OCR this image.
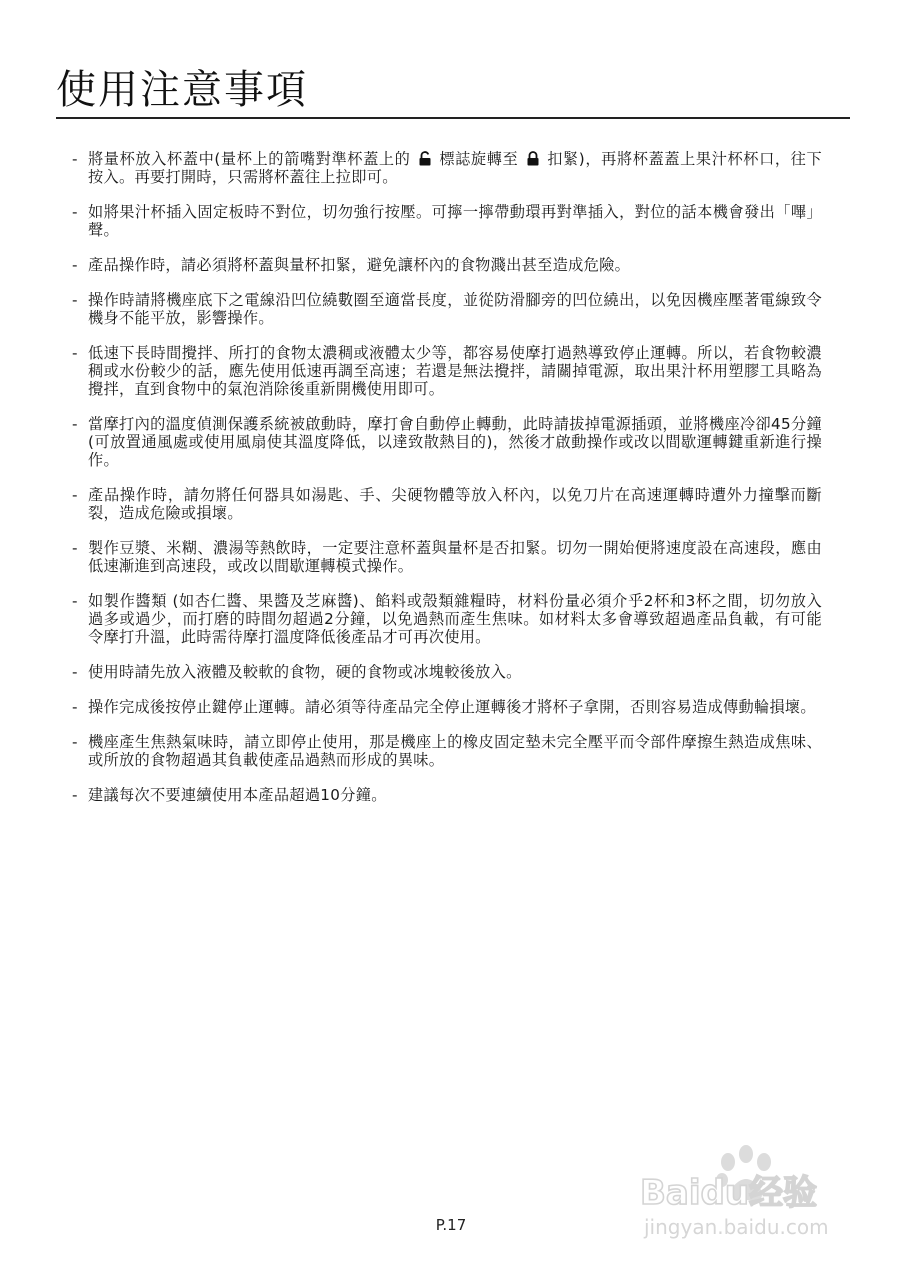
使用注意事項
- 將量杯放入杯蓋中(量杯上的箭嘴對準杯蓋上的 標誌旋轉至 扣緊)，再將杯蓋蓋上果汁杯杯口，往下按入。再要打開時，只需將杯蓋往上拉即可。
- 如將果汁杯插入固定板時不對位，切勿強行按壓。可擰一擰帶動環再對準插入，對位的話本機會發出「嗶」聲。
- 產品操作時，請必須將杯蓋與量杯扣緊，避免讓杯內的食物濺出甚至造成危險。
- 操作時請將機座底下之電線沿凹位繞數圈至適當長度，並從防滑腳旁的凹位繞出，以免因機座壓著電線致令機身不能平放，影響操作。
- 低速下長時間攪拌、所打的食物太濃稠或液體太少等，都容易使摩打過熱導致停止運轉。所以，若食物較濃稠或水份較少的話，應先使用低速再調至高速；若還是無法攪拌，請關掉電源，取出果汁杯用塑膠工具略為攪拌，直到食物中的氣泡消除後重新開機使用即可。
- 當摩打內的溫度偵測保護系統被啟動時，摩打會自動停止轉動，此時請拔掉電源插頭，並將機座冷卻45分鐘(可放置通風處或使用風扇使其溫度降低，以達致散熱目的)，然後才啟動操作或改以間歇運轉鍵重新進行操作。
- 產品操作時，請勿將任何器具如湯匙、手、尖硬物體等放入杯內，以免刀片在高速運轉時遭外力撞擊而斷裂，造成危險或損壞。
- 製作豆漿、米糊、濃湯等熱飲時，一定要注意杯蓋與量杯是否扣緊。切勿一開始便將速度設在高速段，應由低速漸進到高速段，或改以間歇運轉模式操作。
- 如製作醬類 (如杏仁醬、果醬及芝麻醬)、餡料或殼類雜糧時，材料份量必須介乎2杯和3杯之間，切勿放入過多或過少，而打磨的時間勿超過2分鐘，以免過熱而產生焦味。如材料太多會導致超過產品負載，有可能令摩打升溫，此時需待摩打溫度降低後產品才可再次使用。
- 使用時請先放入液體及較軟的食物，硬的食物或冰塊較後放入。
- 操作完成後按停止鍵停止運轉。請必須等待產品完全停止運轉後才將杯子拿開，否則容易造成傳動輪損壞。
- 機座產生焦熱氣味時，請立即停止使用，那是機座上的橡皮固定墊未完全壓平而令部件摩擦生熱造成焦味、或所放的食物超過其負載使產品過熱而形成的異味。
- 建議每次不要連續使用本產品超過10分鐘。
Baidu经验
jingyan.baidu.com
P.17
